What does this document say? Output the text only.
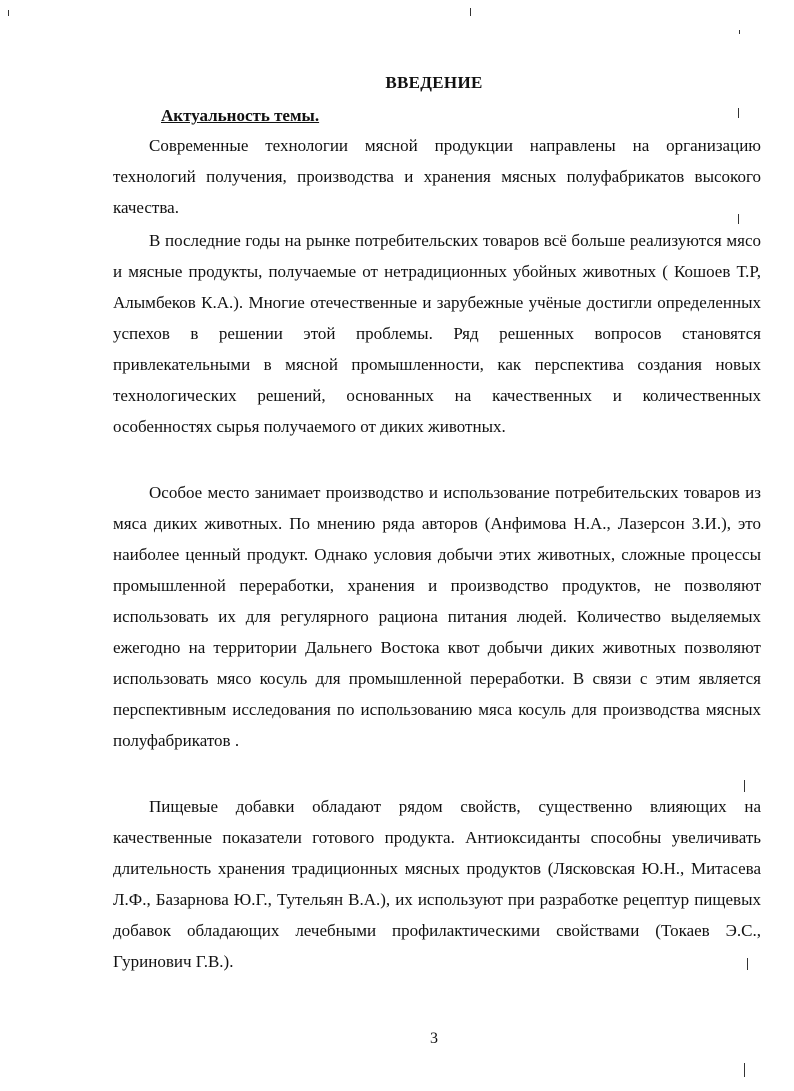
ВВЕДЕНИЕ
Актуальность темы.

Современные технологии мясной продукции направлены на организацию технологий получения, производства и хранения мясных полуфабрикатов высокого качества.

В последние годы на рынке потребительских товаров всё больше реализуются мясо и мясные продукты, получаемые от нетрадиционных убойных животных ( Кошоев Т.Р, Алымбеков К.А.). Многие отечественные и зарубежные учёные достигли определенных успехов в решении этой проблемы. Ряд решенных вопросов становятся привлекательными в мясной промышленности, как перспектива создания новых технологических решений, основанных на качественных и количественных особенностях сырья получаемого от диких животных.

Особое место занимает производство и использование потребительских товаров из мяса диких животных. По мнению ряда авторов (Анфимова Н.А., Лазерсон З.И.), это наиболее ценный продукт. Однако условия добычи этих животных, сложные процессы промышленной переработки, хранения и производство продуктов, не позволяют использовать их для регулярного рациона питания людей. Количество выделяемых ежегодно на территории Дальнего Востока квот добычи диких животных позволяют использовать мясо косуль для промышленной переработки. В связи с этим является перспективным исследования по использованию мяса косуль для производства мясных полуфабрикатов .

Пищевые добавки обладают рядом свойств, существенно влияющих на качественные показатели готового продукта. Антиоксиданты способны увеличивать длительность хранения традиционных мясных продуктов (Лясковская Ю.Н., Митасева Л.Ф., Базарнова Ю.Г., Тутельян В.А.), их используют при разработке рецептур пищевых добавок обладающих лечебными профилактическими свойствами (Токаев Э.С., Гуринович Г.В.).

3
